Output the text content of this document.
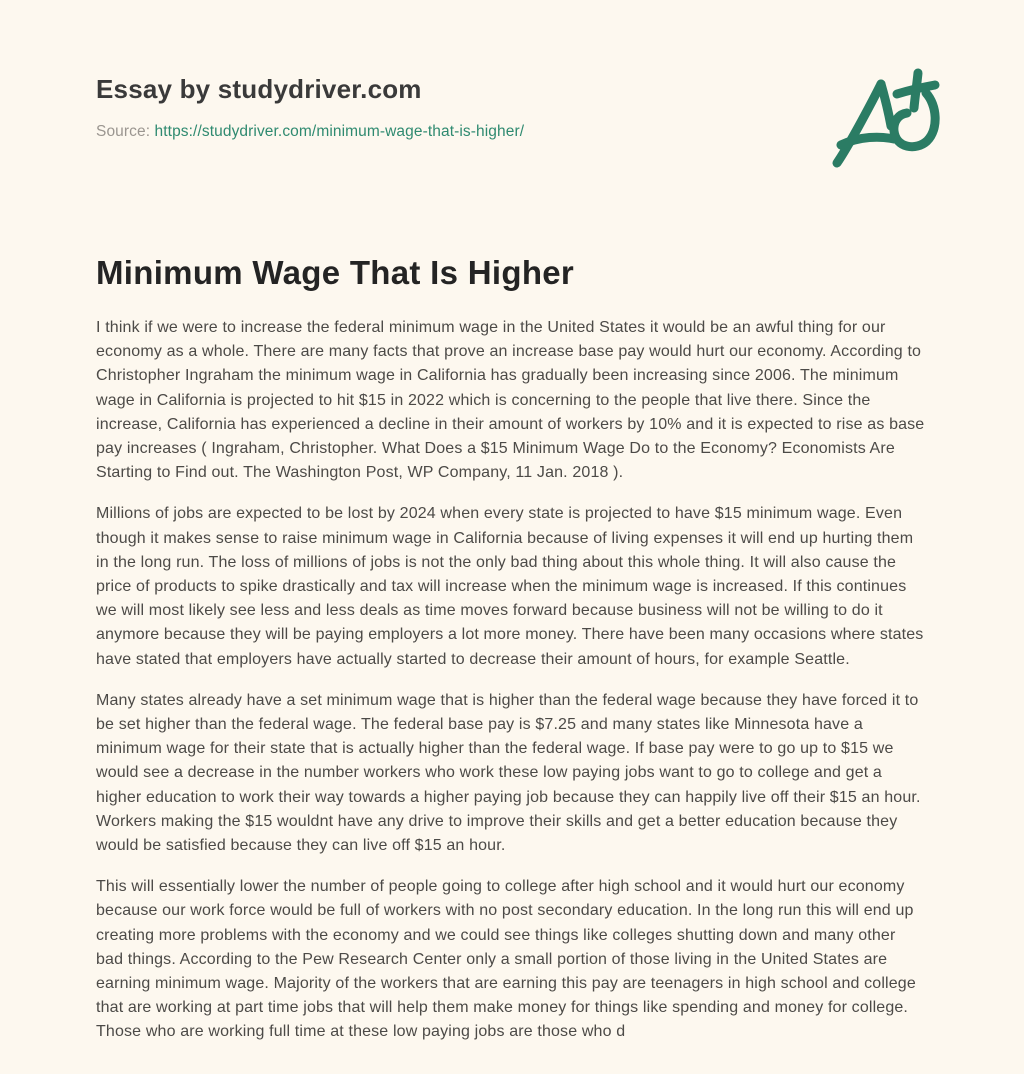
Essay by studydriver.com
Source: https://studydriver.com/minimum-wage-that-is-higher/
Minimum Wage That Is Higher

I think if we were to increase the federal minimum wage in the United States it would be an awful thing for our economy as a whole. There are many facts that prove an increase base pay would hurt our economy. According to Christopher Ingraham the minimum wage in California has gradually been increasing since 2006. The minimum wage in California is projected to hit $15 in 2022 which is concerning to the people that live there. Since the increase, California has experienced a decline in their amount of workers by 10% and it is expected to rise as base pay increases ( Ingraham, Christopher. What Does a $15 Minimum Wage Do to the Economy? Economists Are Starting to Find out. The Washington Post, WP Company, 11 Jan. 2018 ).

Millions of jobs are expected to be lost by 2024 when every state is projected to have $15 minimum wage. Even though it makes sense to raise minimum wage in California because of living expenses it will end up hurting them in the long run. The loss of millions of jobs is not the only bad thing about this whole thing. It will also cause the price of products to spike drastically and tax will increase when the minimum wage is increased. If this continues we will most likely see less and less deals as time moves forward because business will not be willing to do it anymore because they will be paying employers a lot more money. There have been many occasions where states have stated that employers have actually started to decrease their amount of hours, for example Seattle.

Many states already have a set minimum wage that is higher than the federal wage because they have forced it to be set higher than the federal wage. The federal base pay is $7.25 and many states like Minnesota have a minimum wage for their state that is actually higher than the federal wage. If base pay were to go up to $15 we would see a decrease in the number workers who work these low paying jobs want to go to college and get a higher education to work their way towards a higher paying job because they can happily live off their $15 an hour. Workers making the $15 wouldnt have any drive to improve their skills and get a better education because they would be satisfied because they can live off $15 an hour.

This will essentially lower the number of people going to college after high school and it would hurt our economy because our work force would be full of workers with no post secondary education. In the long run this will end up creating more problems with the economy and we could see things like colleges shutting down and many other bad things. According to the Pew Research Center only a small portion of those living in the United States are earning minimum wage. Majority of the workers that are earning this pay are teenagers in high school and college that are working at part time jobs that will help them make money for things like spending and money for college. Those who are working full time at these low paying jobs are those who d
